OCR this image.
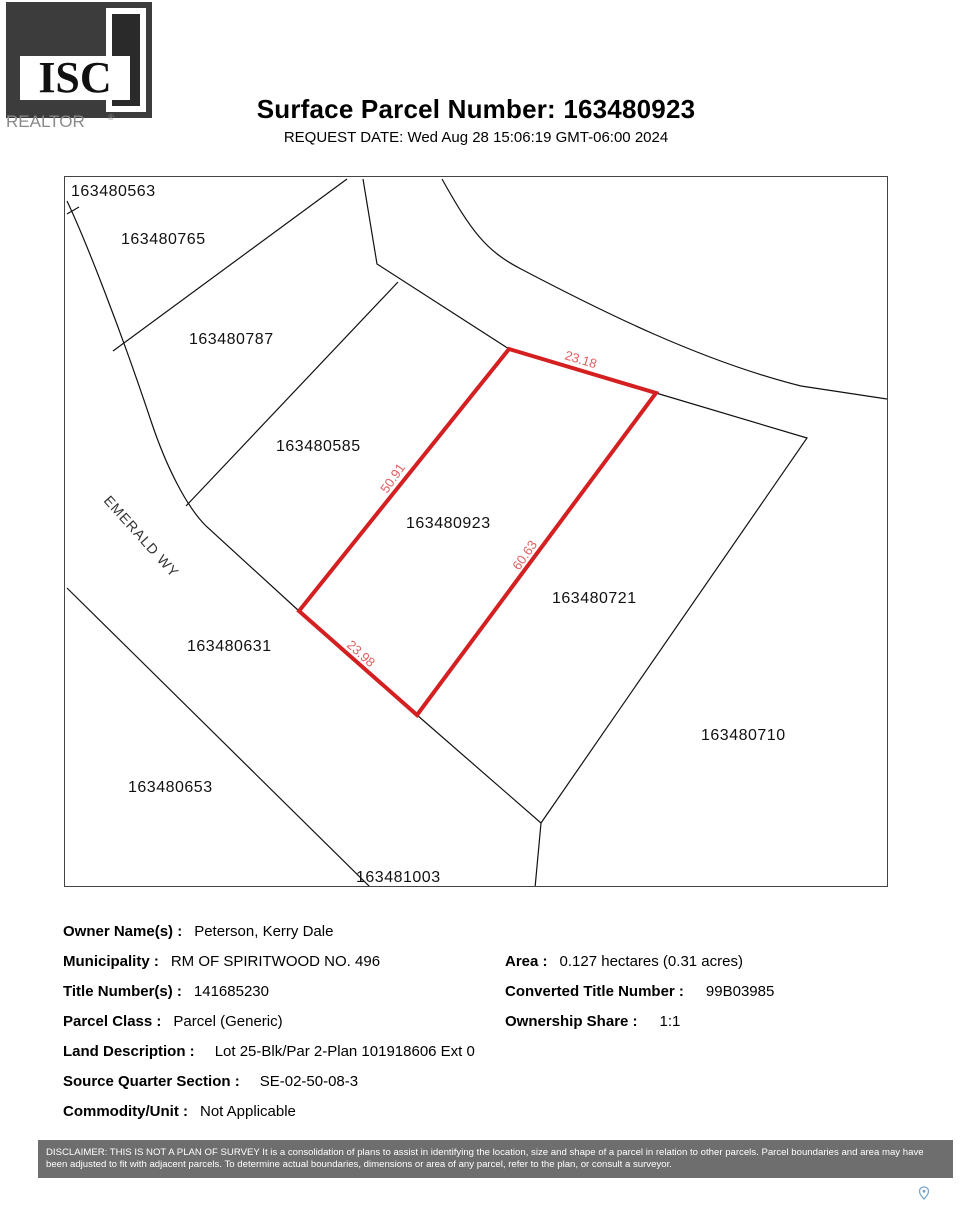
ISC
REALTOR	®	Surface Parcel Number: 163480923
REQUEST DATE: Wed Aug 28 15:06:19 GMT-06:00 2024
163480563
163480765
163480787
163480585
163480923
163480721
163480631
163480710
163480653
163481003
EMERALD WY
23.18
50.91
60.63
23.98
Owner Name(s) : Peterson, Kerry Dale
Municipality : RM OF SPIRITWOOD NO. 496	Area : 0.127 hectares (0.31 acres)
Title Number(s) : 141685230	Converted Title Number : 99B03985
Parcel Class : Parcel (Generic)	Ownership Share : 1:1
Land Description : Lot 25-Blk/Par 2-Plan 101918606 Ext 0
Source Quarter Section : SE-02-50-08-3
Commodity/Unit : Not Applicable
DISCLAIMER: THIS IS NOT A PLAN OF SURVEY It is a consolidation of plans to assist in identifying the location, size and shape of a parcel in relation to other parcels. Parcel boundaries and area may have been adjusted to fit with adjacent parcels. To determine actual boundaries, dimensions or area of any parcel, refer to the plan, or consult a surveyor.
